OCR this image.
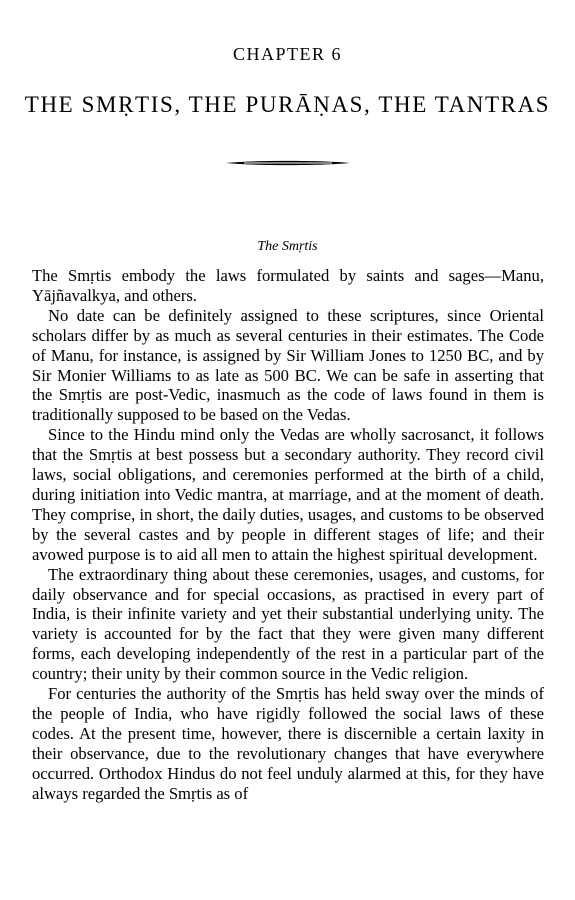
CHAPTER 6
THE SMṚTIS, THE PURĀṆAS, THE TANTRAS
The Smṛtis

The Smṛtis embody the laws formulated by saints and sages—Manu, Yājñavalkya, and others.

No date can be definitely assigned to these scriptures, since Oriental scholars differ by as much as several centuries in their estimates. The Code of Manu, for instance, is assigned by Sir William Jones to 1250 BC, and by Sir Monier Williams to as late as 500 BC. We can be safe in asserting that the Smṛtis are post-Vedic, inasmuch as the code of laws found in them is traditionally supposed to be based on the Vedas.

Since to the Hindu mind only the Vedas are wholly sacrosanct, it follows that the Smṛtis at best possess but a secondary authority. They record civil laws, social obligations, and ceremonies performed at the birth of a child, during initiation into Vedic mantra, at marriage, and at the moment of death. They comprise, in short, the daily duties, usages, and customs to be observed by the several castes and by people in different stages of life; and their avowed purpose is to aid all men to attain the highest spiritual development.

The extraordinary thing about these ceremonies, usages, and customs, for daily observance and for special occasions, as practised in every part of India, is their infinite variety and yet their substantial underlying unity. The variety is accounted for by the fact that they were given many different forms, each developing independently of the rest in a particular part of the country; their unity by their common source in the Vedic religion.

For centuries the authority of the Smṛtis has held sway over the minds of the people of India, who have rigidly followed the social laws of these codes. At the present time, however, there is discernible a certain laxity in their observance, due to the revolutionary changes that have everywhere occurred. Orthodox Hindus do not feel unduly alarmed at this, for they have always regarded the Smṛtis as of
